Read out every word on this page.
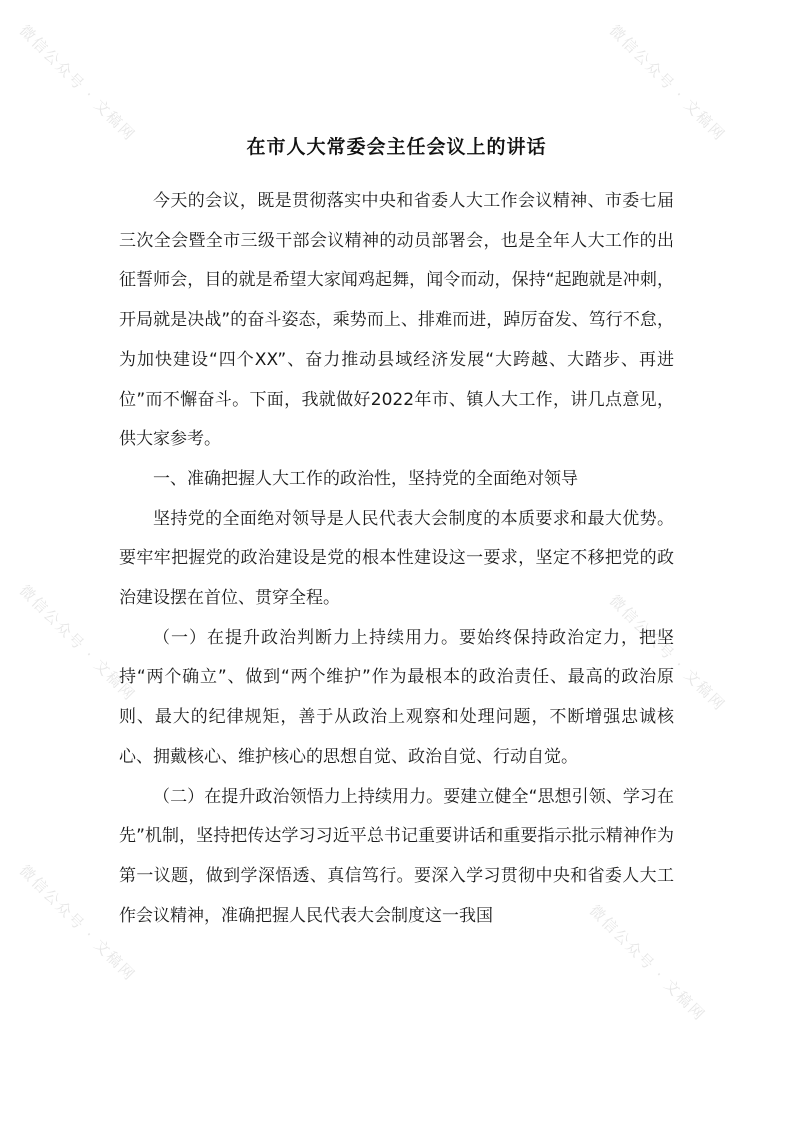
微信公众号 · 文稿网	微信公众号 · 文稿网
微信公众号 · 文稿网	微信公众号 · 文稿网
微信公众号 · 文稿网	微信公众号 · 文稿网
在市人大常委会主任会议上的讲话

今天的会议，既是贯彻落实中央和省委人大工作会议精神、市委七届三次全会暨全市三级干部会议精神的动员部署会，也是全年人大工作的出征誓师会，目的就是希望大家闻鸡起舞，闻令而动，保持“起跑就是冲刺，开局就是决战”的奋斗姿态，乘势而上、排难而进，踔厉奋发、笃行不怠，为加快建设“四个XX”、奋力推动县域经济发展“大跨越、大踏步、再进位”而不懈奋斗。下面，我就做好2022年市、镇人大工作，讲几点意见，供大家参考。

一、准确把握人大工作的政治性，坚持党的全面绝对领导

坚持党的全面绝对领导是人民代表大会制度的本质要求和最大优势。要牢牢把握党的政治建设是党的根本性建设这一要求，坚定不移把党的政治建设摆在首位、贯穿全程。

（一）在提升政治判断力上持续用力。要始终保持政治定力，把坚持“两个确立”、做到“两个维护”作为最根本的政治责任、最高的政治原则、最大的纪律规矩，善于从政治上观察和处理问题，不断增强忠诚核心、拥戴核心、维护核心的思想自觉、政治自觉、行动自觉。

（二）在提升政治领悟力上持续用力。要建立健全“思想引领、学习在先”机制，坚持把传达学习习近平总书记重要讲话和重要指示批示精神作为第一议题，做到学深悟透、真信笃行。要深入学习贯彻中央和省委人大工作会议精神，准确把握人民代表大会制度这一我国
